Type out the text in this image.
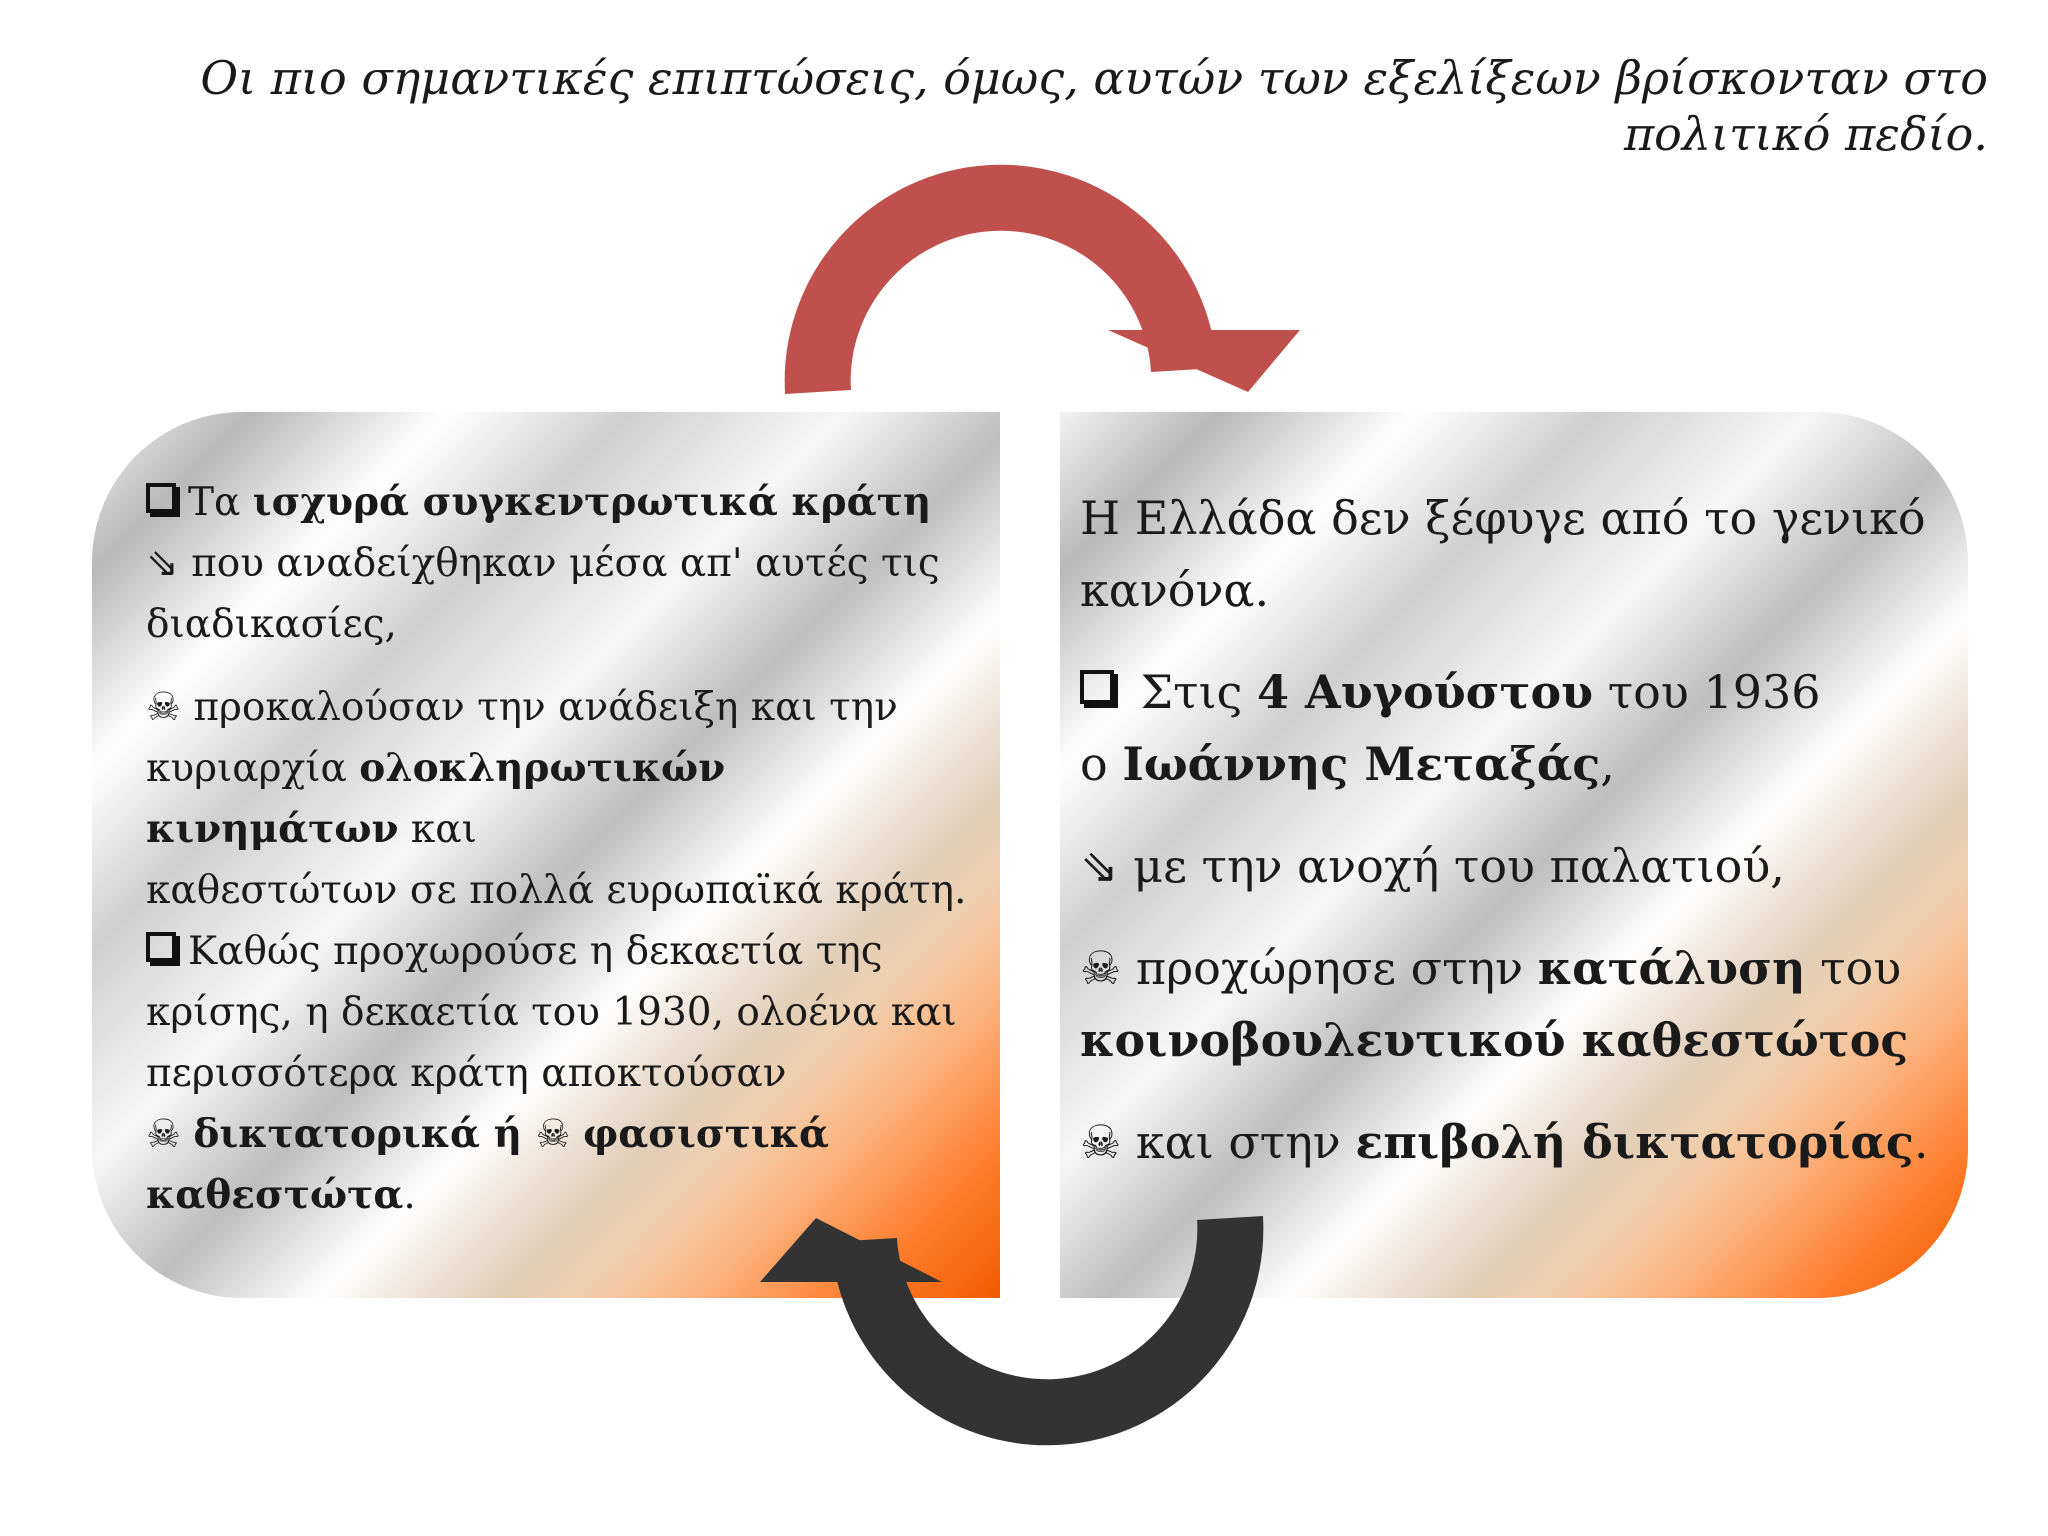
Οι πιο σημαντικές επιπτώσεις, όμως, αυτών των εξελίξεων βρίσκονταν στο
πολιτικό πεδίο.

Τα ισχυρά συγκεντρωτικά κράτη

⇘ που αναδείχθηκαν μέσα απ' αυτές τις
διαδικασίες,

☠ προκαλούσαν την ανάδειξη και την
κυριαρχία ολοκληρωτικών κινημάτων και
καθεστώτων σε πολλά ευρωπαϊκά κράτη.

Καθώς προχωρούσε η δεκαετία της
κρίσης, η δεκαετία του 1930, ολοένα και
περισσότερα κράτη αποκτούσαν

☠ δικτατορικά ή ☠ φασιστικά καθεστώτα.

Η Ελλάδα δεν ξέφυγε από το γενικό
κανόνα.

Στις 4 Αυγούστου του 1936
ο Ιωάννης Μεταξάς,

⇘ με την ανοχή του παλατιού,

☠ προχώρησε στην κατάλυση του
κοινοβουλευτικού καθεστώτος

☠ και στην επιβολή δικτατορίας.
